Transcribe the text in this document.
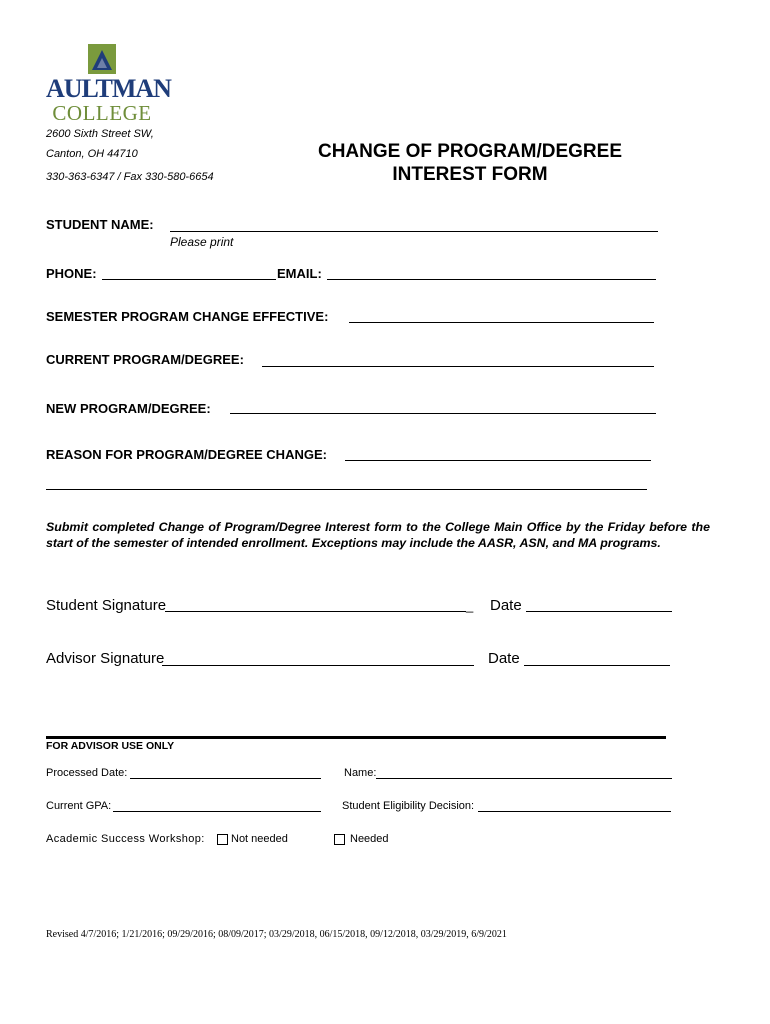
AULTMAN
COLLEGE
2600 Sixth Street SW,
Canton, OH 44710
330-363-6347 / Fax 330-580-6654
CHANGE OF PROGRAM/DEGREE
INTEREST FORM
STUDENT NAME:
Please print
PHONE:	EMAIL:
SEMESTER PROGRAM CHANGE EFFECTIVE:
CURRENT PROGRAM/DEGREE:
NEW PROGRAM/DEGREE:
REASON FOR PROGRAM/DEGREE CHANGE:
Submit completed Change of Program/Degree Interest form to the College Main Office by the Friday before the start of the semester of intended enrollment. Exceptions may include the AASR, ASN, and MA programs.
Student Signature	_ Date
Advisor Signature	Date
FOR ADVISOR USE ONLY
Processed Date:	Name:
Current GPA:	Student Eligibility Decision:
Academic Success Workshop: Not needed	Needed
Revised 4/7/2016; 1/21/2016; 09/29/2016; 08/09/2017; 03/29/2018, 06/15/2018, 09/12/2018, 03/29/2019, 6/9/2021
